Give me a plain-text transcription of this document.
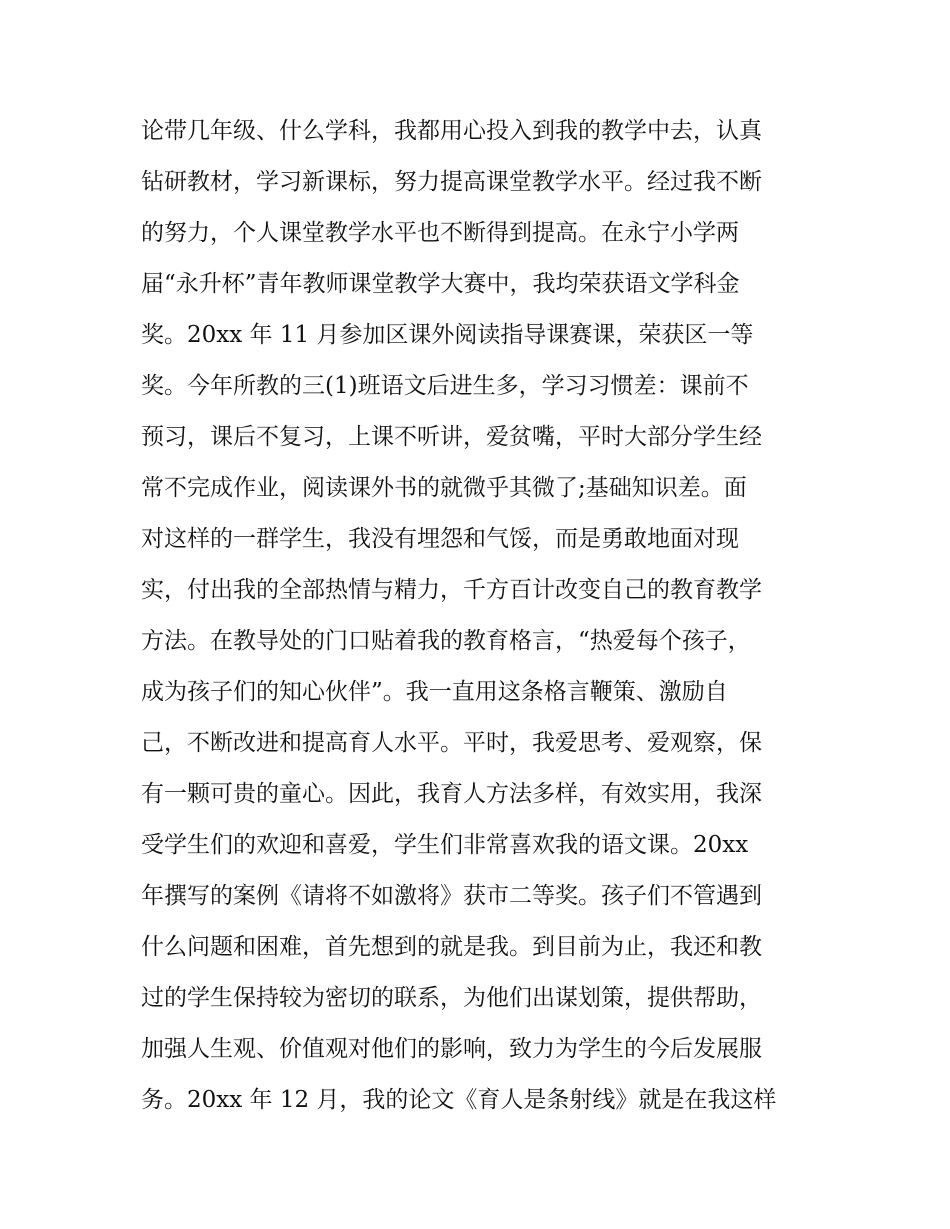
论带几年级、什么学科，我都用心投入到我的教学中去，认真
钻研教材，学习新课标，努力提高课堂教学水平。经过我不断
的努力，个人课堂教学水平也不断得到提高。在永宁小学两
届“永升杯”青年教师课堂教学大赛中，我均荣获语文学科金
奖。20xx 年 11 月参加区课外阅读指导课赛课，荣获区一等
奖。今年所教的三(1)班语文后进生多，学习习惯差：课前不
预习，课后不复习，上课不听讲，爱贫嘴，平时大部分学生经
常不完成作业，阅读课外书的就微乎其微了;基础知识差。面
对这样的一群学生，我没有埋怨和气馁，而是勇敢地面对现
实，付出我的全部热情与精力，千方百计改变自己的教育教学
方法。在教导处的门口贴着我的教育格言，“热爱每个孩子，
成为孩子们的知心伙伴”。我一直用这条格言鞭策、激励自
己，不断改进和提高育人水平。平时，我爱思考、爱观察，保
有一颗可贵的童心。因此，我育人方法多样，有效实用，我深
受学生们的欢迎和喜爱，学生们非常喜欢我的语文课。20xx
年撰写的案例《请将不如激将》获市二等奖。孩子们不管遇到
什么问题和困难，首先想到的就是我。到目前为止，我还和教
过的学生保持较为密切的联系，为他们出谋划策，提供帮助，
加强人生观、价值观对他们的影响，致力为学生的今后发展服
务。20xx 年 12 月，我的论文《育人是条射线》就是在我这样
